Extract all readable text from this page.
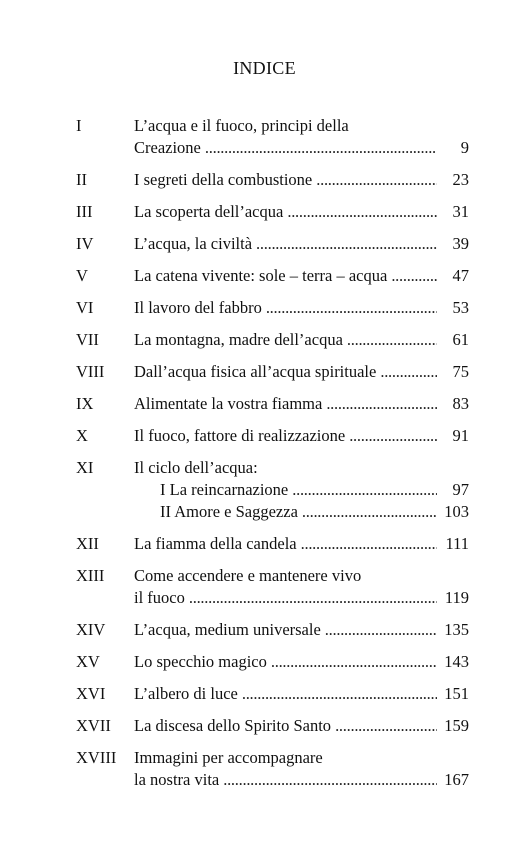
INDICE
I	L’acqua e il fuoco, principi della
Creazione . . .	9
II	I segreti della combustione . . .	23
III	La scoperta dell’acqua . . .	31
IV L’acqua, la civiltà . . .	39
V	La catena vivente: sole – terra – acqua . . .	47
VI Il lavoro del fabbro . . .	53
VII La montagna, madre dell’acqua . . .	61
VIII Dall’acqua fisica all’acqua spirituale . . .	75
IX Alimentate la vostra fiamma . . .	83
X	Il fuoco, fattore di realizzazione . . .	91
XI Il ciclo dell’acqua:
I La reincarnazione . . .	97
II Amore e Saggezza . . .	103
XII La fiamma della candela . . .	111
XIII Come accendere e mantenere vivo
il fuoco . . .	119
XIV L’acqua, medium universale . . .	135
XV Lo specchio magico . . .	143
XVI L’albero di luce . . .	151
XVII La discesa dello Spirito Santo . . .	159
XVIII Immagini per accompagnare
la nostra vita . . .	167
